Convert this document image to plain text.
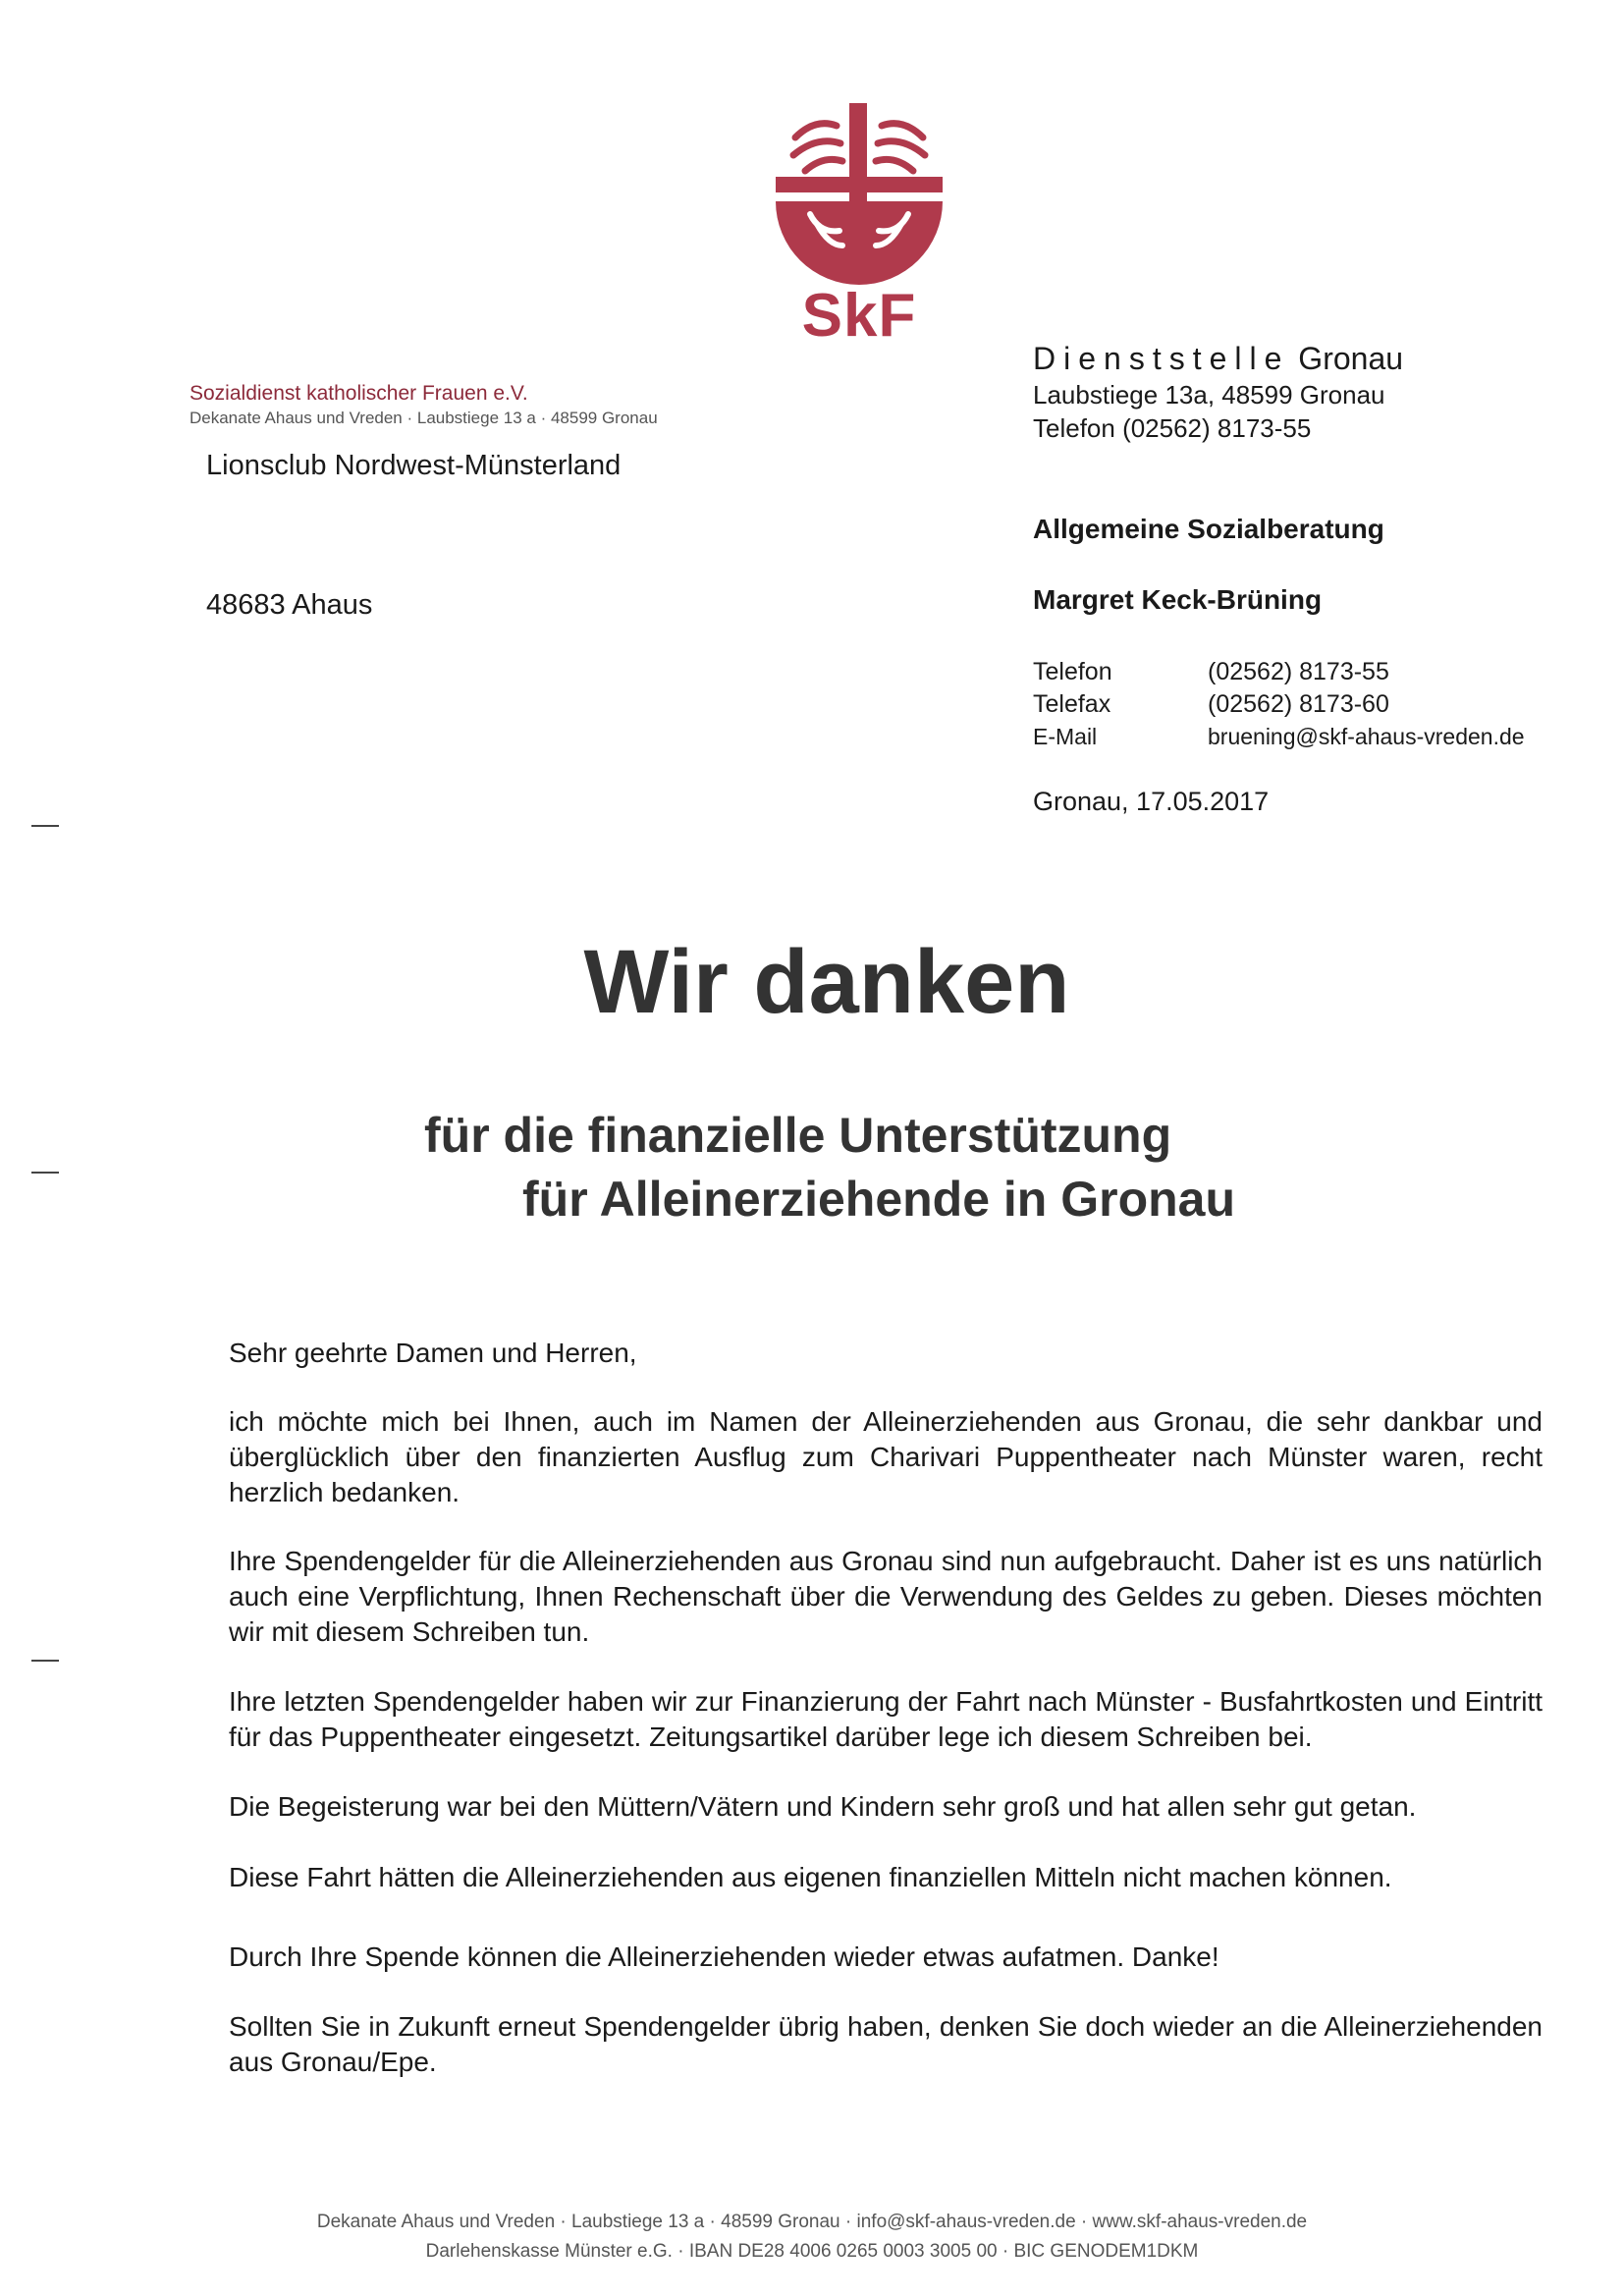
SkF
Sozialdienst katholischer Frauen e.V.
Dekanate Ahaus und Vreden · Laubstiege 13 a · 48599 Gronau
Lionsclub Nordwest-Münsterland
48683 Ahaus
Dienststelle Gronau
Laubstiege 13a, 48599 Gronau
Telefon (02562) 8173-55
Allgemeine Sozialberatung
Margret Keck-Brüning
Telefon	(02562) 8173-55
Telefax	(02562) 8173-60
E-Mail	bruening@skf-ahaus-vreden.de
Gronau, 17.05.2017
Wir danken
für die finanzielle Unterstützung
für Alleinerziehende in Gronau
Sehr geehrte Damen und Herren,
ich möchte mich bei Ihnen, auch im Namen der Alleinerziehenden aus Gronau, die sehr dankbar und überglücklich über den finanzierten Ausflug zum Charivari Puppentheater nach Münster waren, recht herzlich bedanken.
Ihre Spendengelder für die Alleinerziehenden aus Gronau sind nun aufgebraucht. Daher ist es uns natürlich auch eine Verpflichtung, Ihnen Rechenschaft über die Verwendung des Geldes zu geben. Dieses möchten wir mit diesem Schreiben tun.
Ihre letzten Spendengelder haben wir zur Finanzierung der Fahrt nach Münster - Busfahrtkosten und Eintritt für das Puppentheater eingesetzt. Zeitungsartikel darüber lege ich diesem Schreiben bei.
Die Begeisterung war bei den Müttern/Vätern und Kindern sehr groß und hat allen sehr gut getan.
Diese Fahrt hätten die Alleinerziehenden aus eigenen finanziellen Mitteln nicht machen können.
Durch Ihre Spende können die Alleinerziehenden wieder etwas aufatmen. Danke!
Sollten Sie in Zukunft erneut Spendengelder übrig haben, denken Sie doch wieder an die Alleinerziehenden aus Gronau/Epe.
Dekanate Ahaus und Vreden · Laubstiege 13 a · 48599 Gronau · info@skf-ahaus-vreden.de · www.skf-ahaus-vreden.de
Darlehenskasse Münster e.G. · IBAN DE28 4006 0265 0003 3005 00 · BIC GENODEM1DKM
